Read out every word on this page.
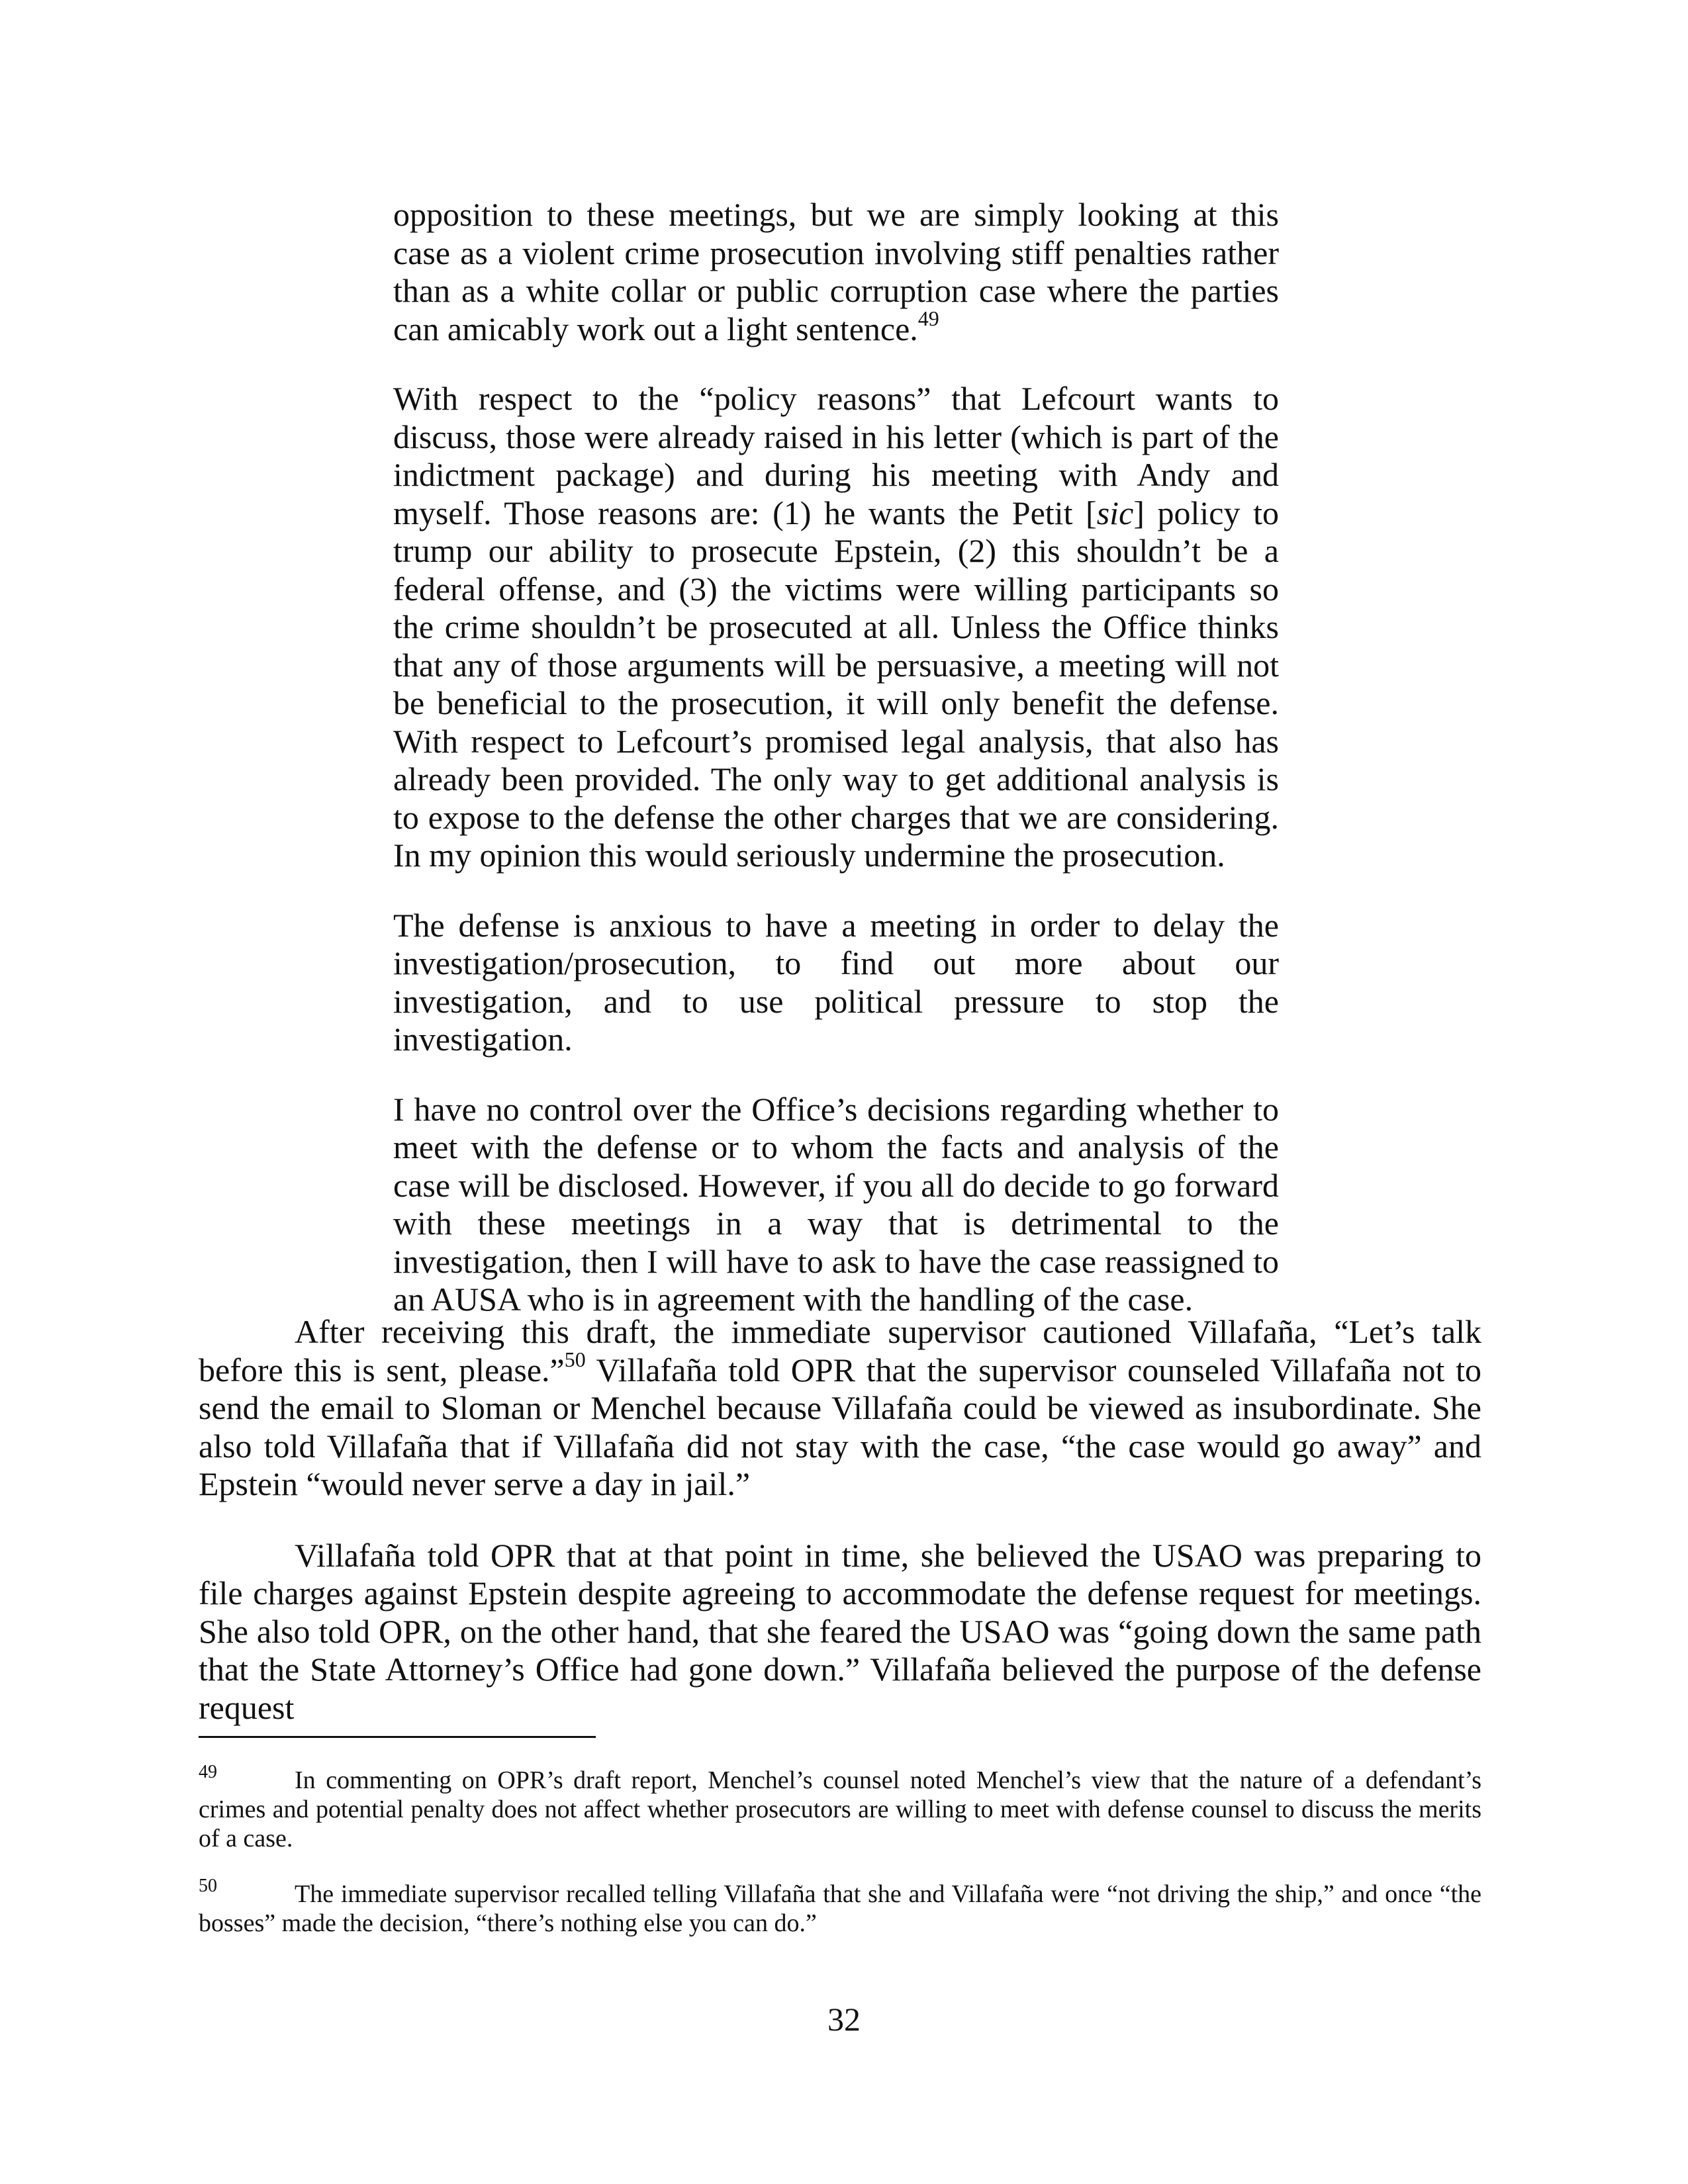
opposition to these meetings, but we are simply looking at this case as a violent crime prosecution involving stiff penalties rather than as a white collar or public corruption case where the parties can amicably work out a light sentence.$^{49}$

With respect to the “policy reasons” that Lefcourt wants to discuss, those were already raised in his letter (which is part of the indictment package) and during his meeting with Andy and myself. Those reasons are: (1) he wants the Petit [sic] policy to trump our ability to prosecute Epstein, (2) this shouldn’t be a federal offense, and (3) the victims were willing participants so the crime shouldn’t be prosecuted at all. Unless the Office thinks that any of those arguments will be persuasive, a meeting will not be beneficial to the prosecution, it will only benefit the defense. With respect to Lefcourt’s promised legal analysis, that also has already been provided. The only way to get additional analysis is to expose to the defense the other charges that we are considering. In my opinion this would seriously undermine the prosecution.

The defense is anxious to have a meeting in order to delay the investigation/prosecution, to find out more about our investigation, and to use political pressure to stop the investigation.

I have no control over the Office’s decisions regarding whether to meet with the defense or to whom the facts and analysis of the case will be disclosed. However, if you all do decide to go forward with these meetings in a way that is detrimental to the investigation, then I will have to ask to have the case reassigned to an AUSA who is in agreement with the handling of the case.

After receiving this draft, the immediate supervisor cautioned Villafaña, “Let’s talk before this is sent, please.”$^{50}$ Villafaña told OPR that the supervisor counseled Villafaña not to send the email to Sloman or Menchel because Villafaña could be viewed as insubordinate. She also told Villafaña that if Villafaña did not stay with the case, “the case would go away” and Epstein “would never serve a day in jail.”

Villafaña told OPR that at that point in time, she believed the USAO was preparing to file charges against Epstein despite agreeing to accommodate the defense request for meetings. She also told OPR, on the other hand, that she feared the USAO was “going down the same path that the State Attorney’s Office had gone down.” Villafaña believed the purpose of the defense request

49	In commenting on OPR’s draft report, Menchel’s counsel noted Menchel’s view that the nature of a defendant’s crimes and potential penalty does not affect whether prosecutors are willing to meet with defense counsel to discuss the merits of a case.
50	The immediate supervisor recalled telling Villafaña that she and Villafaña were “not driving the ship,” and once “the bosses” made the decision, “there’s nothing else you can do.”
32
